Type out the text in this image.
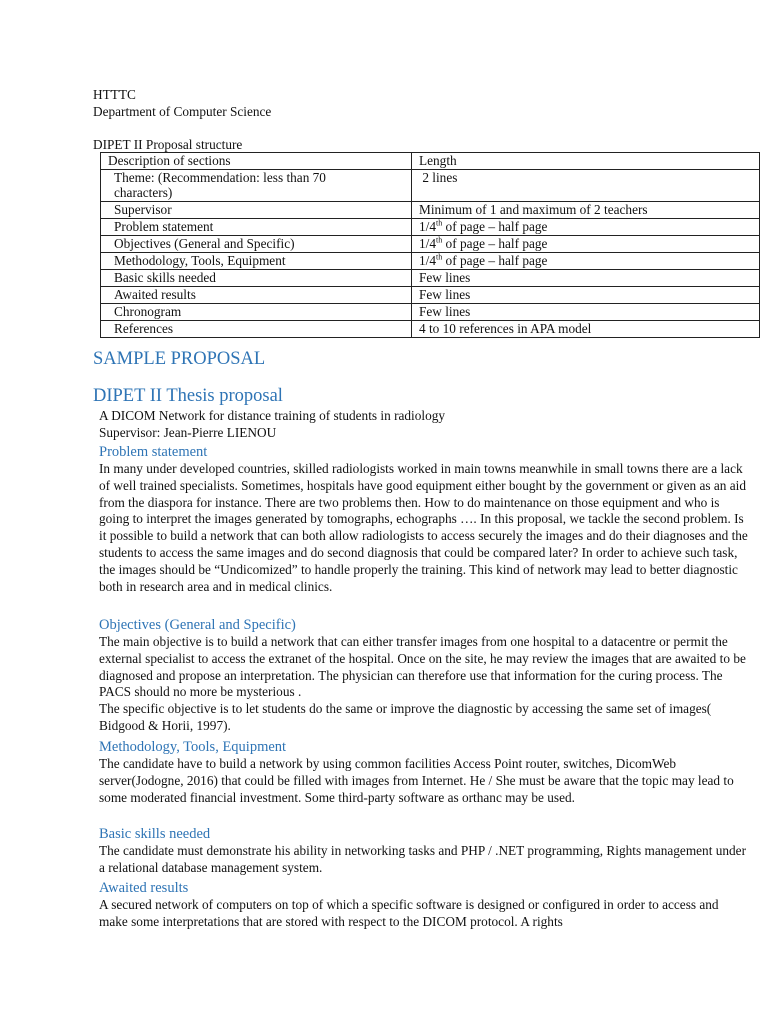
HTTTC
Department of Computer Science
DIPET II Proposal structure
Description of sections	Length
Theme: (Recommendation: less than 70 characters)	2 lines
Supervisor	Minimum of 1 and maximum of 2 teachers
Problem statement	1/4th of page – half page
Objectives (General and Specific)	1/4th of page – half page
Methodology, Tools, Equipment	1/4th of page – half page
Basic skills needed	Few lines
Awaited results	Few lines
Chronogram	Few lines
References	4 to 10 references in APA model
SAMPLE PROPOSAL
DIPET II Thesis proposal
A DICOM Network for distance training of students in radiology
Supervisor: Jean-Pierre LIENOU
Problem statement

In many under developed countries, skilled radiologists worked in main towns meanwhile in small towns there are a lack of well trained specialists. Sometimes, hospitals have good equipment either bought by the government or given as an aid from the diaspora for instance. There are two problems then. How to do maintenance on those equipment and who is going to interpret the images generated by tomographs, echographs …. In this proposal, we tackle the second problem. Is it possible to build a network that can both allow radiologists to access securely the images and do their diagnoses and the students to access the same images and do second diagnosis that could be compared later? In order to achieve such task, the images should be “Undicomized” to handle properly the training. This kind of network may lead to better diagnostic both in research area and in medical clinics.

Objectives (General and Specific)

The main objective is to build a network that can either transfer images from one hospital to a datacentre or permit the external specialist to access the extranet of the hospital. Once on the site, he may review the images that are awaited to be diagnosed and propose an interpretation. The physician can therefore use that information for the curing process. The PACS should no more be mysterious .

The specific objective is to let students do the same or improve the diagnostic by accessing the same set of images( Bidgood & Horii, 1997).

Methodology, Tools, Equipment

The candidate have to build a network by using common facilities Access Point router, switches, DicomWeb server(Jodogne, 2016) that could be filled with images from Internet. He / She must be aware that the topic may lead to some moderated financial investment. Some third-party software as orthanc may be used.

Basic skills needed

The candidate must demonstrate his ability in networking tasks and PHP / .NET programming, Rights management under a relational database management system.

Awaited results

A secured network of computers on top of which a specific software is designed or configured in order to access and make some interpretations that are stored with respect to the DICOM protocol. A rights
